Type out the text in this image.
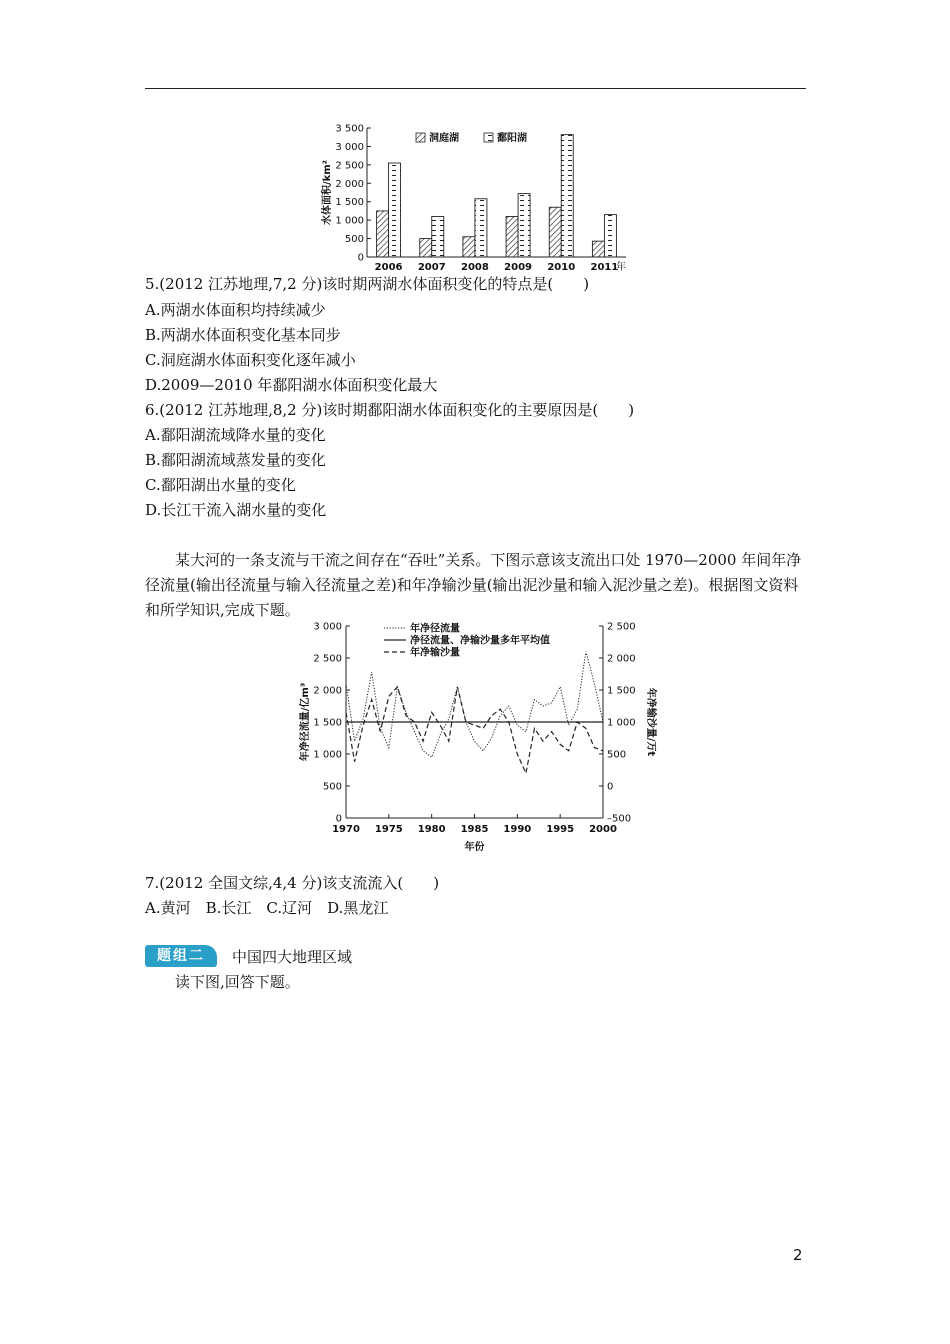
0
500
1 000
1 500
2 000
2 500
3 000
3 500
水体面积/km²
2006 2007 2008 2009 2010 2011
年
洞庭湖	鄱阳湖
5.(2012 江苏地理,7,2 分)该时期两湖水体面积变化的特点是(　　)
A.两湖水体面积均持续减少
B.两湖水体面积变化基本同步
C.洞庭湖水体面积变化逐年减小
D.2009—2010 年鄱阳湖水体面积变化最大
6.(2012 江苏地理,8,2 分)该时期鄱阳湖水体面积变化的主要原因是(　　)
A.鄱阳湖流域降水量的变化
B.鄱阳湖流域蒸发量的变化
C.鄱阳湖出水量的变化
D.长江干流入湖水量的变化
某大河的一条支流与干流之间存在“吞吐”关系。下图示意该支流出口处 1970—2000 年间年净径流量(输出径流量与输入径流量之差)和年净输沙量(输出泥沙量和输入泥沙量之差)。根据图文资料和所学知识,完成下题。
0
500
1 000
1 500
2 000
2 500
3 000
–500
0
500
1 000
1 500
2 000
2 500
1970 1975 1980 1985 1990 1995 2000
年份
年净径流量/亿m³	年净输沙量/万t
年净径流量
净径流量、净输沙量多年平均值
年净输沙量
7.(2012 全国文综,4,4 分)该支流流入(　　)
A.黄河　B.长江　C.辽河　D.黑龙江
题组二	中国四大地理区域
读下图,回答下题。
2
